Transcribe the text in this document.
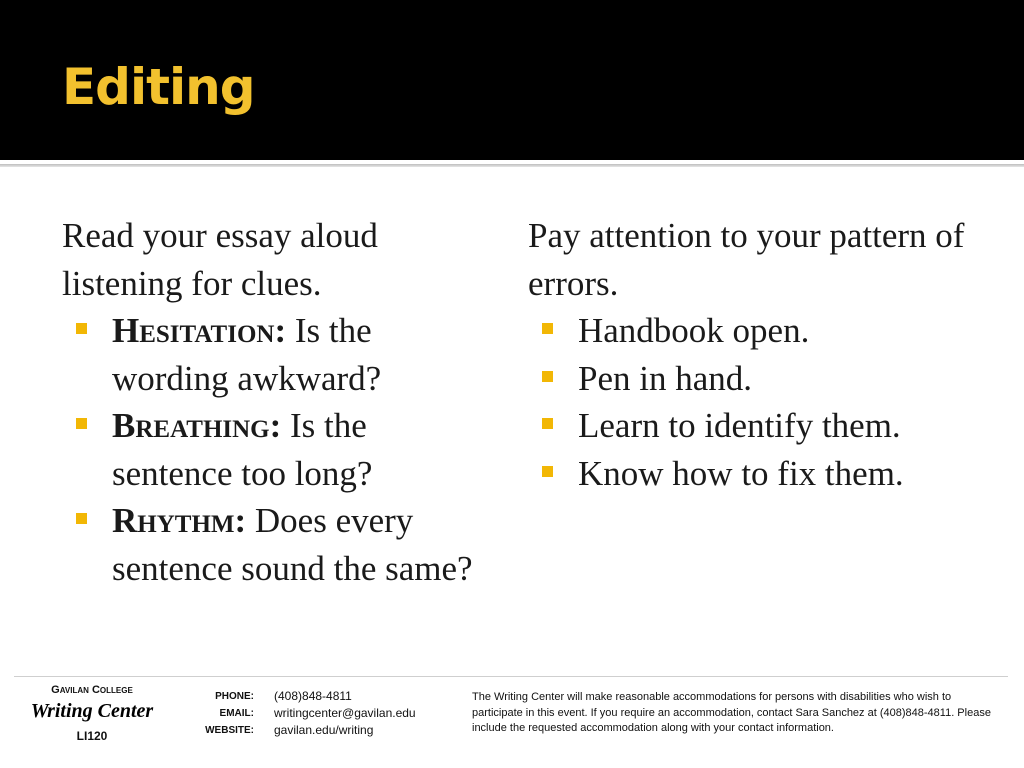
Editing

Read your essay aloud listening for clues.

Hesitation: Is the wording awkward?
Breathing: Is the sentence too long?
Rhythm: Does every sentence sound the same?

Pay attention to your pattern of errors.

Handbook open.
Pen in hand.
Learn to identify them.
Know how to fix them.
Gavilan College
Writing Center
LI120
PHONE:	(408)848-4811
EMAIL:	writingcenter@gavilan.edu
WEBSITE:	gavilan.edu/writing
The Writing Center will make reasonable accommodations for persons with disabilities who wish to participate in this event. If you require an accommodation, contact Sara Sanchez at (408)848-4811. Please include the requested accommodation along with your contact information.
